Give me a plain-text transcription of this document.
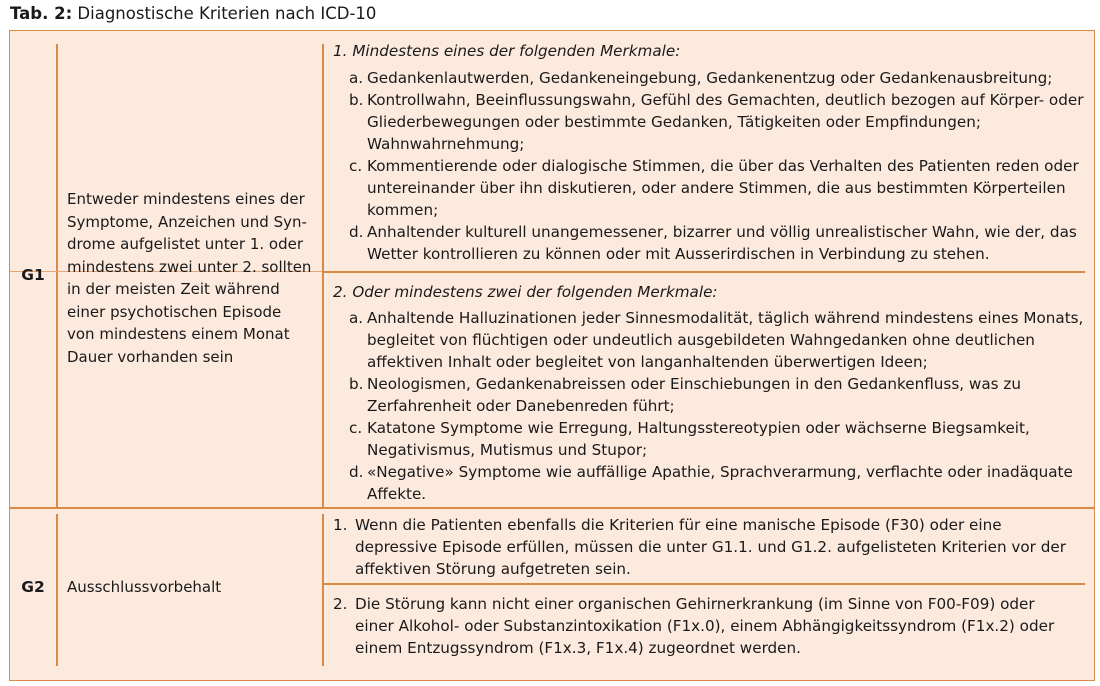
Tab. 2: Diagnostische Kriterien nach ICD-10
G1
Entweder mindestens eines der Symptome, Anzeichen und Syndrome aufgelistet unter 1. oder mindestens zwei unter 2. sollten in der meisten Zeit während einer psychotischen Episode von mindestens einem Monat Dauer vorhanden sein
1. Mindestens eines der folgenden Merkmale:
a. Gedankenlautwerden, Gedankeneingebung, Gedankenentzug oder Gedankenausbreitung;
b. Kontrollwahn, Beeinflussungswahn, Gefühl des Gemachten, deutlich bezogen auf Körper- oder Gliederbewegungen oder bestimmte Gedanken, Tätigkeiten oder Empfindungen; Wahnwahrnehmung;
c. Kommentierende oder dialogische Stimmen, die über das Verhalten des Patienten reden oder untereinander über ihn diskutieren, oder andere Stimmen, die aus bestimmten Körperteilen kommen;
d. Anhaltender kulturell unangemessener, bizarrer und völlig unrealistischer Wahn, wie der, das Wetter kontrollieren zu können oder mit Ausserirdischen in Verbindung zu stehen.
2. Oder mindestens zwei der folgenden Merkmale:
a. Anhaltende Halluzinationen jeder Sinnesmodalität, täglich während mindestens eines Monats, begleitet von flüchtigen oder undeutlich ausgebildeten Wahngedanken ohne deutlichen affektiven Inhalt oder begleitet von langanhaltenden überwertigen Ideen;
b. Neologismen, Gedankenabreissen oder Einschiebungen in den Gedankenfluss, was zu Zerfahrenheit oder Danebenreden führt;
c. Katatone Symptome wie Erregung, Haltungsstereotypien oder wächserne Biegsamkeit, Negativismus, Mutismus und Stupor;
d. «Negative» Symptome wie auffällige Apathie, Sprachverarmung, verflachte oder inadäquate Affekte.
G2	Ausschlussvorbehalt
1. Wenn die Patienten ebenfalls die Kriterien für eine manische Episode (F30) oder eine depressive Episode erfüllen, müssen die unter G1.1. und G1.2. aufgelisteten Kriterien vor der affektiven Störung aufgetreten sein.
2. Die Störung kann nicht einer organischen Gehirnerkrankung (im Sinne von F00-F09) oder einer Alkohol- oder Substanzintoxikation (F1x.0), einem Abhängigkeitssyndrom (F1x.2) oder einem Entzugssyndrom (F1x.3, F1x.4) zugeordnet werden.
